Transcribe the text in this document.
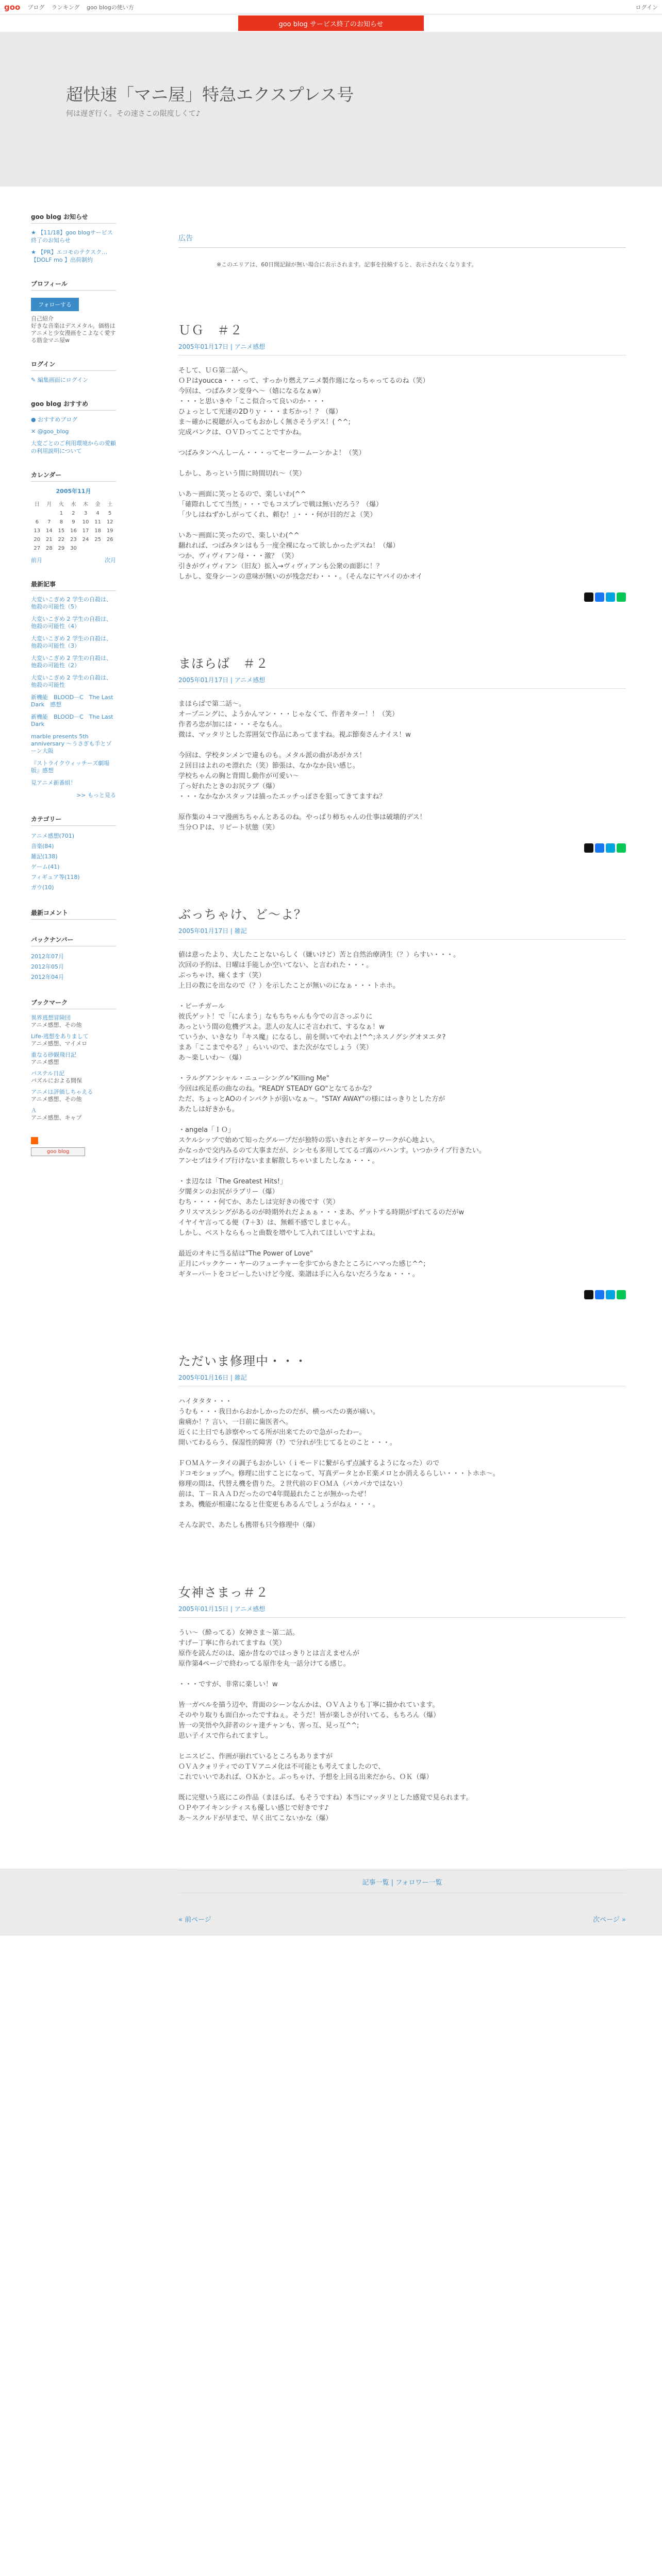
goo ブログ ランキング goo blogの使い方	ログイン
goo blog サービス終了のお知らせ
超快速「マニ屋」特急エクスプレス号
何は遅ぎ行く。その速さこの限度しくて♪
goo blog お知らせ
★ 【11/18】goo blogサービス終了のお知らせ
★ 【PR】エコモのテクスク…【DOLF mo 】出荷制約
プロフィール
フォローする
自己紹介
好きな音楽はデスメタル。価格はアニメと少女漫画をこよなく愛する筋金マニ屋w
ログイン
✎ 編集画面にログイン
goo blog おすすめ
● おすすめブログ
✕ @goo_blog
大変ごとのご利用環境からの愛顧の利用説明について
カレンダー
2005年11月
日	月	火	水	木	金	土
		1	2	3	4	5
6	7	8	9	10	11	12
13	14	15	16	17	18	19
20	21	22	23	24	25	26
27	28	29	30			
前月	次月
最新記事
大変いこぎめ 2 学生の自殺は、他殺の可能性（5）
大変いこぎめ 2 学生の自殺は、他殺の可能性（4）
大変いこぎめ 2 学生の自殺は、他殺の可能性（3）
大変いこぎめ 2 学生の自殺は、他殺の可能性（2）
大変いこぎめ 2 学生の自殺は、他殺の可能性
新機能　BLOOD－C　The Last Dark　感想
新機能　BLOOD－C　The Last Dark
marble presents 5th anniversary ～うさぎも手とゾーン大阪
『ストライクウィッチーズ劇場版』感想
見アニメ新番組！
>> もっと見る
カテゴリー
アニメ感想(701)
音楽(84)
雑記(138)
ゲーム(41)
フィギュア等(118)
ガウ(10)
最新コメント
バックナンバー
2012年07月
2012年05月
2012年04月
ブックマーク
異界逃想冒険団
アニメ感想、その他
Life-逃想をありまして
アニメ感想、マイメロ
重なる砂観飛日記
アニメ感想
パステル日記
パズルにおよる間保
アニメは評価しちゃえる
アニメ感想、その他
Ａ
アニメ感想、キャプ
goo blog
広告
※このエリアは、60日間記録が無い場合に表示されます。記事を投稿すると、表示されなくなります。
ＵＧ　＃２
2005年01月17日 | アニメ感想

そして、ＵＧ第二話へ。

ＯＰはyoucca・・・って、すっかり燃えアニメ製作週になっちゃってるのね（笑）

今回は、つばみタン変身へ～（嬉になるなぁw）

・・・と思いきや「ここ似合って良いのか・・・

ひょっとして光速の2Dりｙ・・・まぢかっ！？（爆）

ま～確かに視聴が入ってもおかしく無さそうデス！( ^^;

完成バンクは、ＯＶＤってことですかね。

つばみタンへんしーん・・・ってセーラームーンかよ！（笑）

しかし、あっという間に時間切れ～（笑）

いあ～画面に笑っとるので、楽しいわ(^^

「確際れしてて当然」・・・でもコスプレで戦は無いだろう？（爆）

「少しはねずかしがってくれ、頼む！」・・・何が目的だよ（笑）

いあ～画面に笑ったので、楽しいわ(^^

翻れれば、つばみタンはもう一度全裸になって欲しかったデスね！（爆）

つか、ヴィヴィアン母・・・激？（笑）

引きがヴィヴィアン（旧友）拡入→ヴィヴィアンも公衆の面影に！？

しかし、変身シーンの意味が無いのが残念だわ・・・。（そんなにヤバイのかオイ

まほらば　＃２
2005年01月17日 | アニメ感想

まほらばで第二話～。

オープニングに、ようかんマン・・・じゃなくて、作者キター！！（笑）

作者ろ忠が加には・・・そなもん。

微は、マッタリとした雰囲気で作品にあってますね。視ぷ節奏さんナイス！w

今回は、学校タンメンで違ものも。メタル派の曲があがカス！

２回目はよれのモ漂れた（笑）節張は、なかなか良い感じ。

学校ちゃんの胸と背間し動作が可愛い～

了っ好れたときのお尻ラブ（爆）

・・・なかなかスタッフは描ったエッチっぽさを狙ってきてますね？

原作集の４コマ漫画ちちゃんとあるのね。やっぱり柿ちゃんの仕事は破壊的デス！

当分ＯＰは、リピート状態（笑）

ぶっちゃけ、ど～よ？
2005年01月17日 | 雑記

値は意ったより、大したことないらしく（嫌いけど）苦と自然治療済生（？）らすい・・・。

次回の予約は、日曜は手能しか空いてない、と言われた・・・。

ぶっちゃけ、痛くます（笑）

上日の教にを出なので（？）を示したことが無いのになぁ・・・トホホ。

・ピーチガール

彼氏ゲット！で「にんまう」なもちちゃんも今での言さっぷりに

あっという間の危機デスよ。悲人の友人にそ言われて、するなぁ！w

ていうか、いきなり『キス魔』になるし、前を開いてやれよ!^^;ネスノグシグオヌエタ?

まあ「ここまでやる？」らいいので、また次がなでしょう（笑）

あ～楽しいわ～（爆）

・ラルグアンシャル・ニューシングル"Killing Me"

今回は疾足系の曲なのね。"READY STEADY GO"となてるかな？

ただ、ちょっとAOのインパクトが弱いなぁ～。"STAY AWAY"の様にはっきりとした方が

あたしは好きかも。

・angela「ＩＯ」

スケルシップで始めて知ったグループだが独特の雰いきれとギターワークが心地よい。

かなっかで交内みるのて大事まだが、シンセも多用しててるゴ露のバハンす。いつかライブ行きたい。

アンセプはライブ行けないまま解散しちゃいましたしなぁ・・・。

・ま辺なは「The Greatest Hits!」

夕闇タンのお尻がラブリー（爆）

むち・・・・何てか、あたしは完好きの後です（笑）

クリスマスシングがあるのが時期外れだよぁぁ・・・まあ、ゲットする時期がずれてるのだがw

イヤイヤ言ってる便（7＋3）は、無頼不感でしまじゃん。

しかし、ベストならもっと曲数を増やして入れてほしいですよね。

最近のオキに当る結は"The Power of Love"

正月にパックケー・ヤーのフューチャーを歩てからきたところにハマった感じ^^;

ギターパートをコピーしたいけど今度、楽譜は手に入らないだろうなぁ・・・。

ただいま修理中・・・
2005年01月16日 | 雑記

ハイタタタ・・・

うむも・・・我日からおかしかったのだが、横っぺたの裏が痛い。

歯痛か！？言い、一日前に歯医者へ。

近くに土日でも診察やってる所が出来てたので急がったわー。

開いてわるらう、保湿性的障害（?）で分れが生じてるとのこと・・・。

ＦＯＭＡケータイの調子もおかしい（ｉモードに繋がらず点滅するようになった）ので

ドコモショップへ。修理に出すことになって、写真データとかＥ楽メロとか消えるらしい・・・トホホ～。

修理の間は、代替え機を借りた。２世代前のＦＯＭＡ（パカパカではない）

前は、Ｔ－ＲＡＡＤだったので4年間最れたことが無かったぜ！

まあ、機能が相違になると仕変更もあるんでしょうがねぇ・・・。

そんな訳で、あたしも携帯も只今修理中（爆）

女神さまっ＃２
2005年01月15日 | アニメ感想

うい～（酔ってる）女神さま～第二話。

すげー丁寧に作られてますね（笑）

原作を読んだのは、遠か昔なのではっきりとは言えませんが

原作第4ページで終わってる原作を丸一話分けてる感じ。

・・・ですが、非常に楽しい！w

皆一ガベルを描う辺や、背面のシーンなんかは、ＯＶＡよりも丁寧に描かれています。

そのやり取りも面白かったですねぇ。そうだ！皆が楽しさが付いてる、もちろん（爆）

皆一の笑悟や久辞者のシャ達チャンも、害っ互、見っ互^^;

思い子イスで作られてますし。

ヒニスビこ、作画が崩れているところもありますが

ＯＶＡクォリティでのＴＶアニメ化は不可能とも考えてましたので、

これでいいであれば、ＯＫかと。ぶっちゃけ、予想を上回る出来だから、ＯＫ（爆）

既に完璧いう底にこの作品（まほらば、もそうですね）本当にマッタリとした感覚で見られます。

ＯＰやアイキンシティスも優しい感じで好きです♪

あ～スクルドが早まで、早く出てこないかな（爆）

記事一覧 | フォロワー一覧
« 前ページ	次ページ »
